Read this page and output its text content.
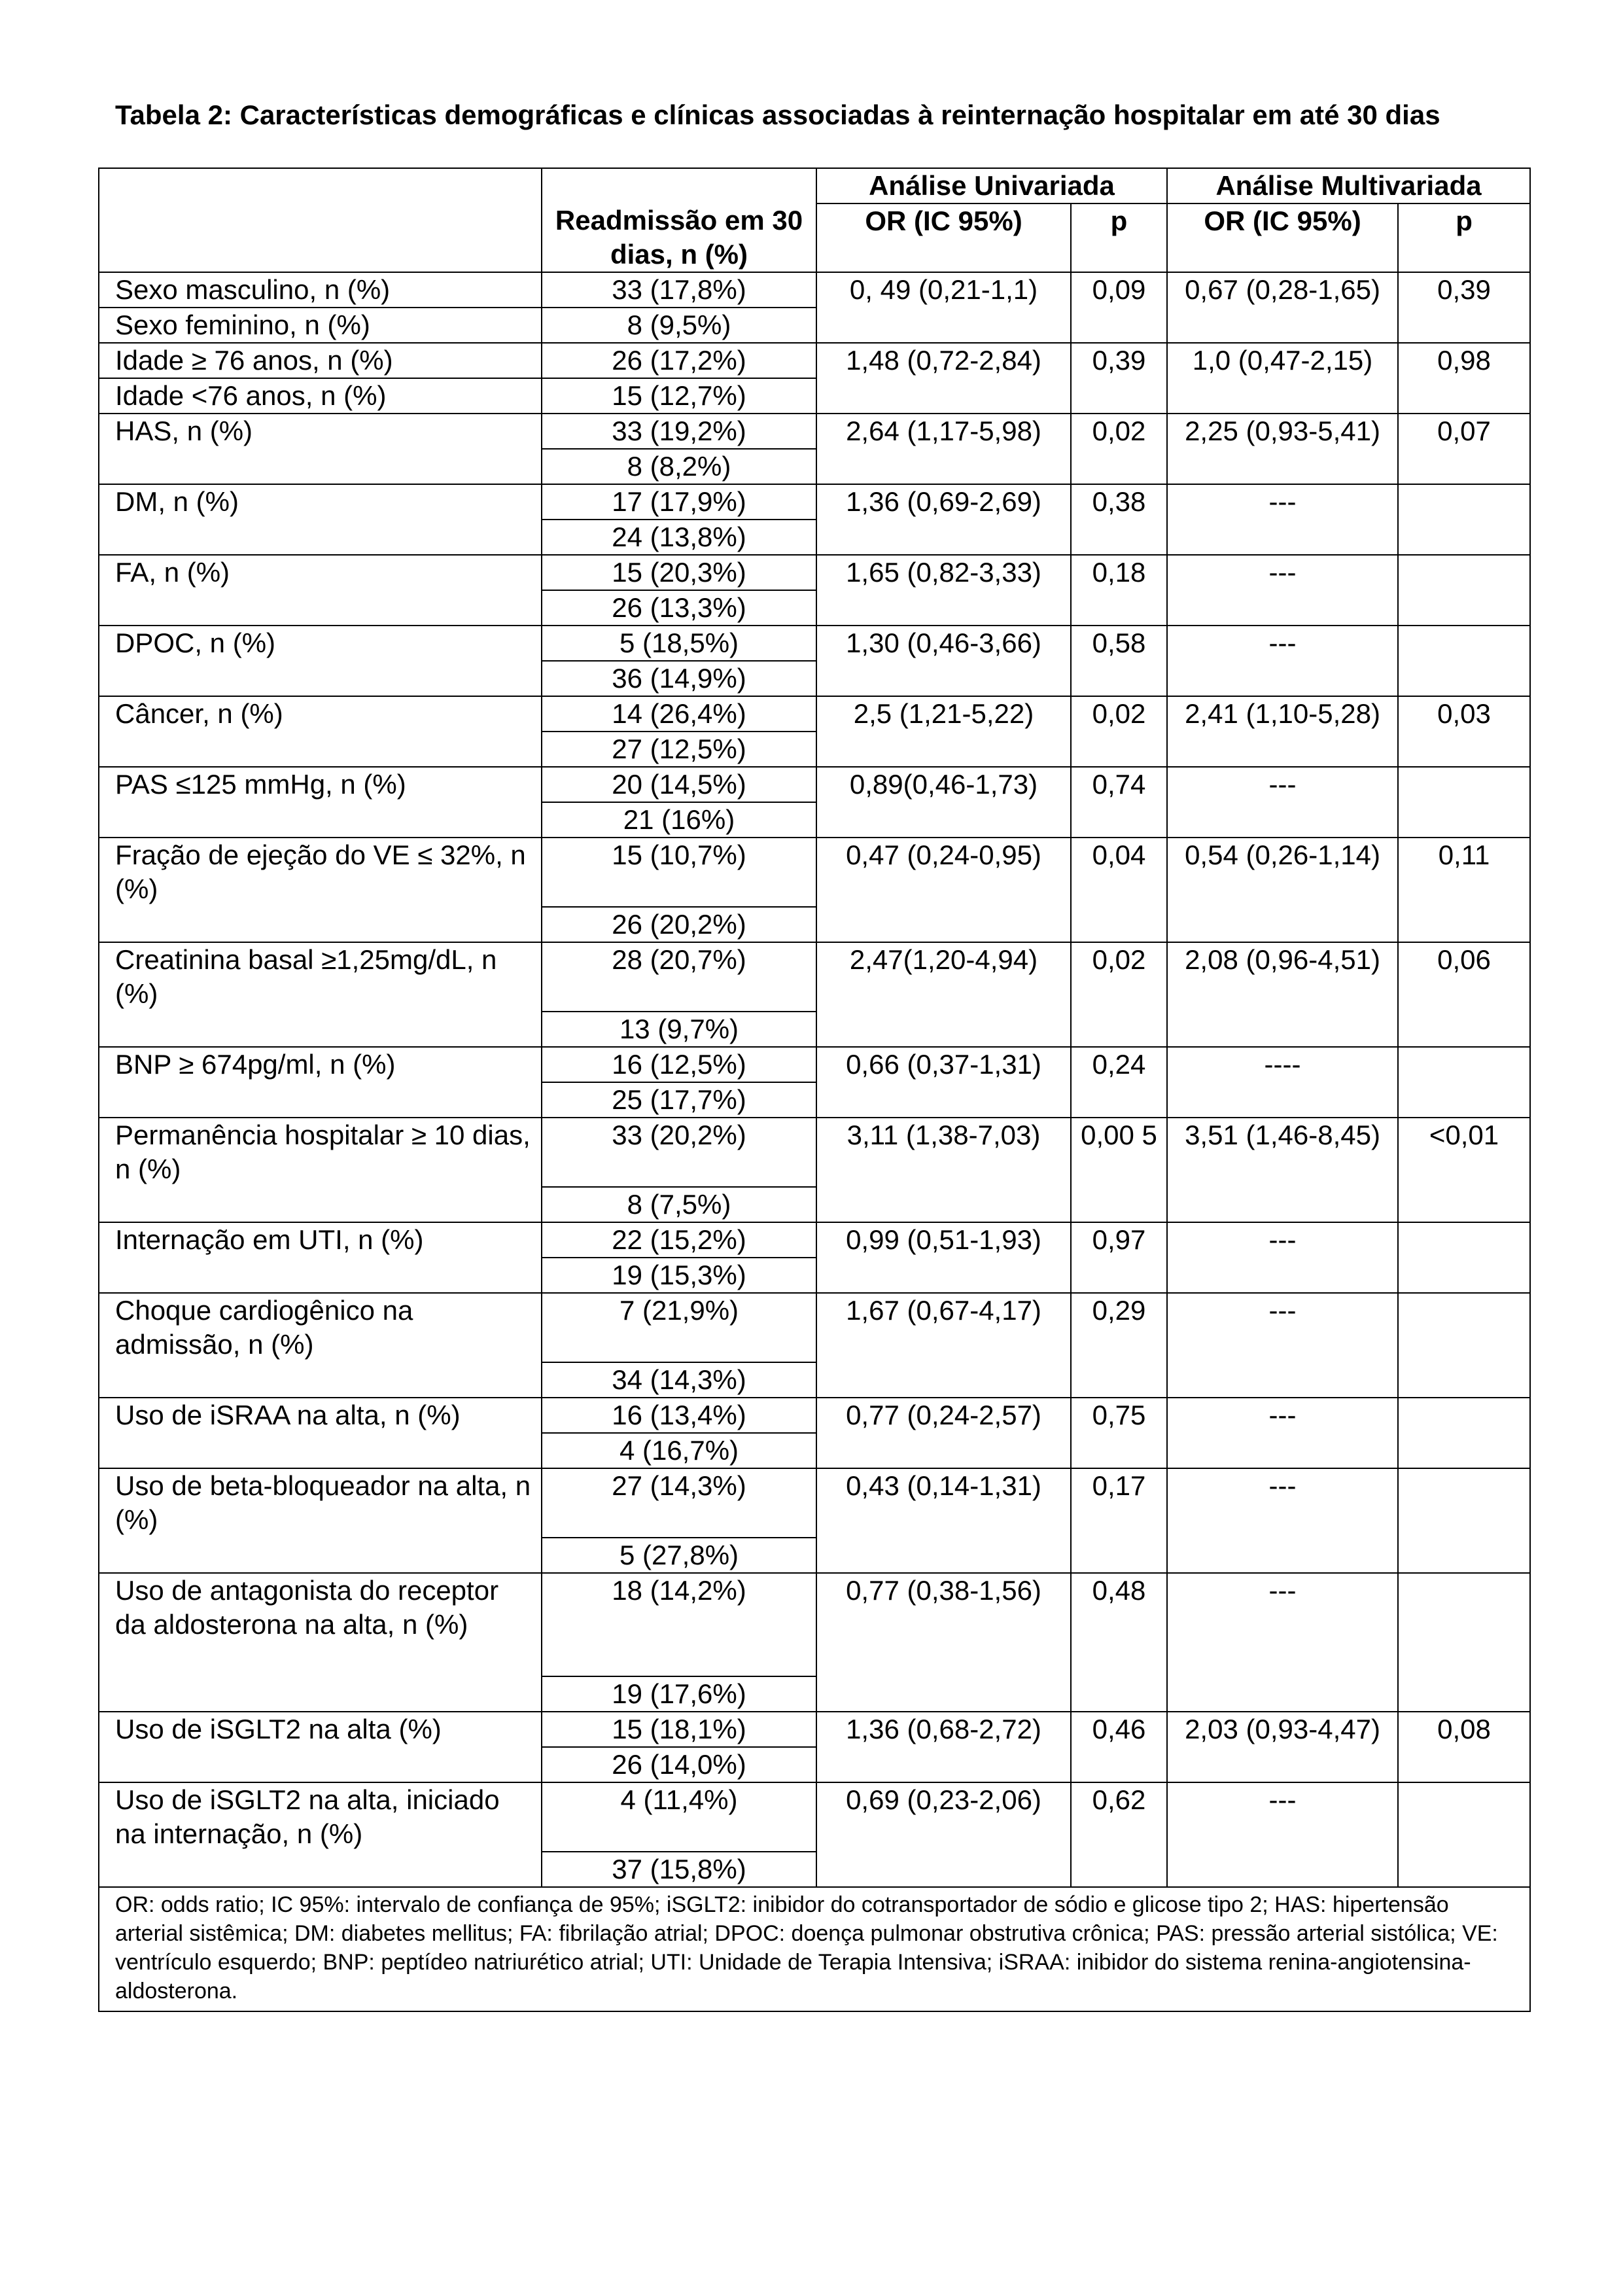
Tabela 2: Características demográficas e clínicas associadas à reinternação hospitalar em até 30 dias
		Análise Univariada		Análise Multivariada	
	Readmissão em 30 dias, n (%)	OR (IC 95%)	p	OR (IC 95%)	p
Sexo masculino, n (%)	33 (17,8%)	0, 49 (0,21-1,1)	0,09	0,67 (0,28-1,65)	0,39
Sexo feminino, n (%)	8 (9,5%)				
Idade ≥ 76 anos, n (%)	26 (17,2%)	1,48 (0,72-2,84)	0,39	1,0 (0,47-2,15)	0,98
Idade <76 anos, n (%)	15 (12,7%)				
HAS, n (%)	33 (19,2%)	2,64 (1,17-5,98)	0,02	2,25 (0,93-5,41)	0,07
	8 (8,2%)				
DM, n (%)	17 (17,9%)	1,36 (0,69-2,69)	0,38	---	
	24 (13,8%)				
FA, n (%)	15 (20,3%)	1,65 (0,82-3,33)	0,18	---	
	26 (13,3%)				
DPOC, n (%)	5 (18,5%)	1,30 (0,46-3,66)	0,58	---	
	36 (14,9%)				
Câncer, n (%)	14 (26,4%)	2,5 (1,21-5,22)	0,02	2,41 (1,10-5,28)	0,03
	27 (12,5%)				
PAS ≤125 mmHg, n (%)	20 (14,5%)	0,89(0,46-1,73)	0,74	---	
	21 (16%)				
Fração de ejeção do VE ≤ 32%, n (%)	15 (10,7%)	0,47 (0,24-0,95)	0,04	0,54 (0,26-1,14)	0,11
	26 (20,2%)				
Creatinina basal ≥1,25mg/dL, n (%)	28 (20,7%)	2,47(1,20-4,94)	0,02	2,08 (0,96-4,51)	0,06
	13 (9,7%)				
BNP ≥ 674pg/ml, n (%)	16 (12,5%)	0,66 (0,37-1,31)	0,24	----	
	25 (17,7%)				
Permanência hospitalar ≥ 10 dias, n (%)	33 (20,2%)	3,11 (1,38-7,03)	0,00 5	3,51 (1,46-8,45)	<0,01
	8 (7,5%)				
Internação em UTI, n (%)	22 (15,2%)	0,99 (0,51-1,93)	0,97	---	
	19 (15,3%)				
Choque cardiogênico na admissão, n (%)	7 (21,9%)	1,67 (0,67-4,17)	0,29	---	
	34 (14,3%)				
Uso de iSRAA na alta, n (%)	16 (13,4%)	0,77 (0,24-2,57)	0,75	---	
	4 (16,7%)				
Uso de beta-bloqueador na alta, n (%)	27 (14,3%)	0,43 (0,14-1,31)	0,17	---	
	5 (27,8%)				
Uso de antagonista do receptor da aldosterona na alta, n (%)	18 (14,2%)	0,77 (0,38-1,56)	0,48	---	
	19 (17,6%)				
Uso de iSGLT2 na alta (%)	15 (18,1%)	1,36 (0,68-2,72)	0,46	2,03 (0,93-4,47)	0,08
	26 (14,0%)				
Uso de iSGLT2 na alta, iniciado na internação, n (%)	4 (11,4%)	0,69 (0,23-2,06)	0,62	---	
	37 (15,8%)				
OR: odds ratio; IC 95%: intervalo de confiança de 95%; iSGLT2: inibidor do cotransportador de sódio e glicose tipo 2; HAS: hipertensão arterial sistêmica; DM: diabetes mellitus; FA: fibrilação atrial; DPOC: doença pulmonar obstrutiva crônica; PAS: pressão arterial sistólica; VE: ventrículo esquerdo; BNP: peptídeo natriurético atrial; UTI: Unidade de Terapia Intensiva; iSRAA: inibidor do sistema renina-angiotensina-aldosterona.					
